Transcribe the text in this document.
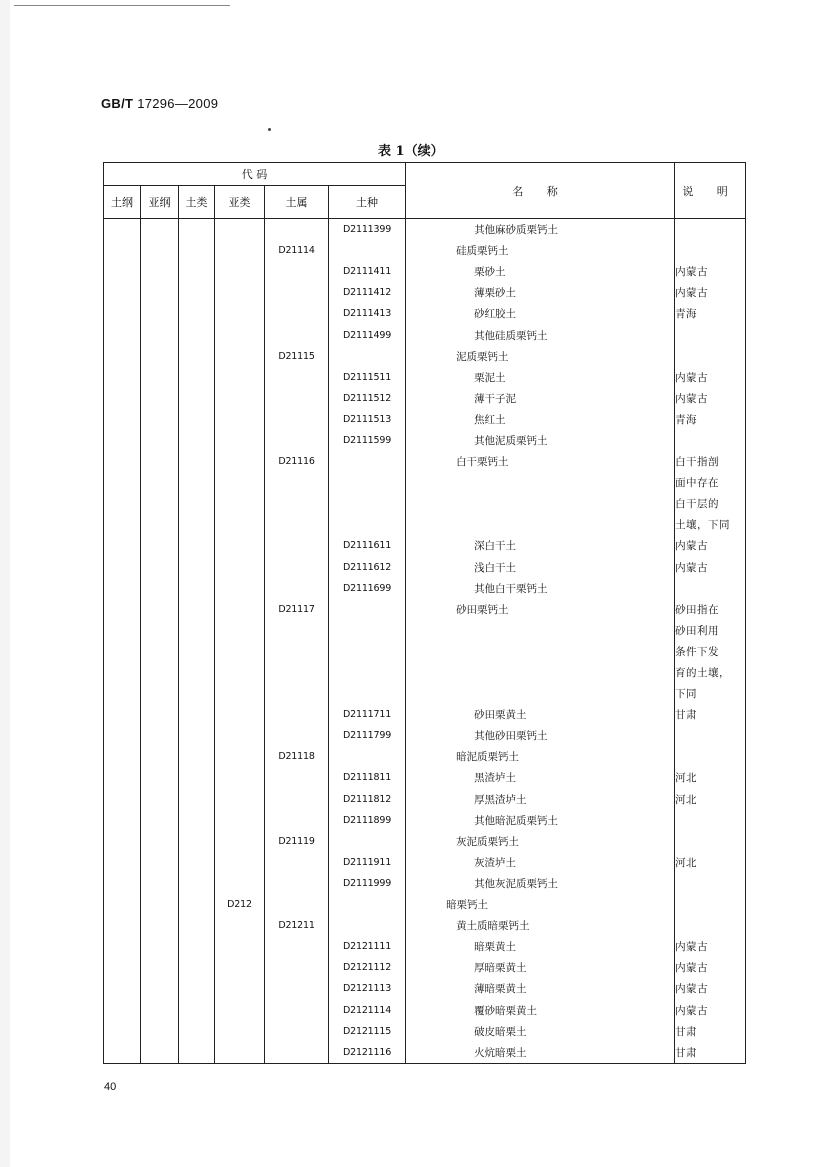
GB/T 17296—2009
表 1（续）
代 码						名 称	说 明
土纲	亚纲	土类	亚类	土属	土种		
					D2111399	其他麻砂质栗钙土	
				D21114		硅质栗钙土	
					D2111411	栗砂土	内蒙古
					D2111412	薄栗砂土	内蒙古
					D2111413	砂红胶土	青海
					D2111499	其他硅质栗钙土	
				D21115		泥质栗钙土	
					D2111511	栗泥土	内蒙古
					D2111512	薄干子泥	内蒙古
					D2111513	焦红土	青海
					D2111599	其他泥质栗钙土	
				D21116		白干栗钙土	白干指剖
							面中存在
							白干层的
							土壤，下同
					D2111611	深白干土	内蒙古
					D2111612	浅白干土	内蒙古
					D2111699	其他白干栗钙土	
				D21117		砂田栗钙土	砂田指在
							砂田利用
							条件下发
							育的土壤，
							下同
					D2111711	砂田栗黄土	甘肃
					D2111799	其他砂田栗钙土	
				D21118		暗泥质栗钙土	
					D2111811	黑渣垆土	河北
					D2111812	厚黑渣垆土	河北
					D2111899	其他暗泥质栗钙土	
				D21119		灰泥质栗钙土	
					D2111911	灰渣垆土	河北
					D2111999	其他灰泥质栗钙土	
			D212			暗栗钙土	
				D21211		黄土质暗栗钙土	
					D2121111	暗栗黄土	内蒙古
					D2121112	厚暗栗黄土	内蒙古
					D2121113	薄暗栗黄土	内蒙古
					D2121114	覆砂暗栗黄土	内蒙古
					D2121115	破皮暗栗土	甘肃
					D2121116	火炕暗栗土	甘肃
40
